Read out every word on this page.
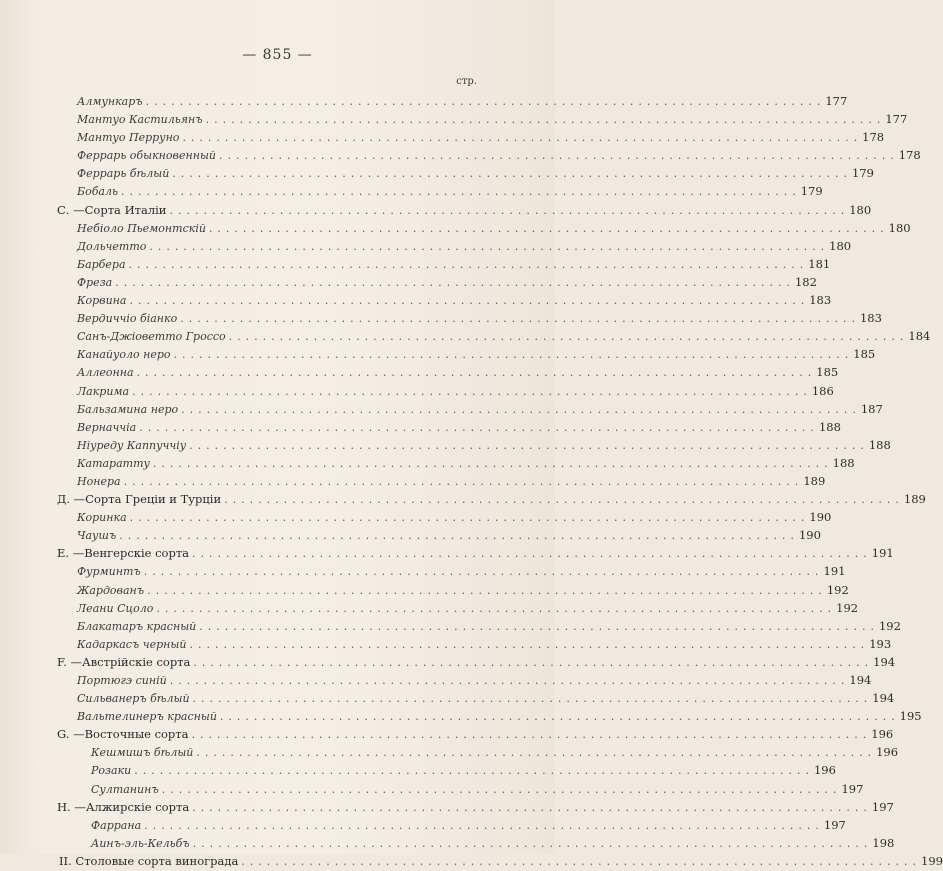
— 855 —
стр.
Алмункаръ ................................................................................ 177
Мантуо Кастильянъ ................................................................................ 177
Мантуо Перруно ................................................................................ 178
Феррарь обыкновенный ................................................................................ 178
Феррарь бѣлый ................................................................................ 179
Бобаль ................................................................................ 179
С. —Сорта Италіи ................................................................................ 180
Небіоло Пьемонтскій ................................................................................ 180
Дольчетто ................................................................................ 180
Барбера ................................................................................ 181
Фреза ................................................................................ 182
Корвина ................................................................................ 183
Вердиччіо біанко ................................................................................ 183
Санъ-Джіоветто Гроссо ................................................................................ 184
Канайуоло неро ................................................................................ 185
Аллеонна ................................................................................ 185
Лакрима ................................................................................ 186
Бальзамина неро ................................................................................ 187
Верначчіа ................................................................................ 188
Ніуреду Каппуччіу ................................................................................ 188
Катаратту ................................................................................ 188
Нонера ................................................................................ 189
Д. —Сорта Греціи и Турціи ................................................................................ 189
Коринка ................................................................................ 190
Чаушъ ................................................................................ 190
Е. —Венгерскіе сорта ................................................................................ 191
Фурминтъ ................................................................................ 191
Жардованъ ................................................................................ 192
Леани Сцоло ................................................................................ 192
Блакатаръ красный ................................................................................ 192
Кадаркасъ черный ................................................................................ 193
F. —Австрійскіе сорта ................................................................................ 194
Портюгэ синій ................................................................................ 194
Сильванеръ бѣлый ................................................................................ 194
Вальтелинеръ красный ................................................................................ 195
G. —Восточные сорта ................................................................................ 196
Кешмишъ бѣлый ................................................................................ 196
Розаки ................................................................................ 196
Султанинъ ................................................................................ 197
Н. —Алжирскіе сорта ................................................................................ 197
Фаррана ................................................................................ 197
Аинъ-эль-Кельбъ ................................................................................ 198
II. Столовые сорта винограда ................................................................................ 199
